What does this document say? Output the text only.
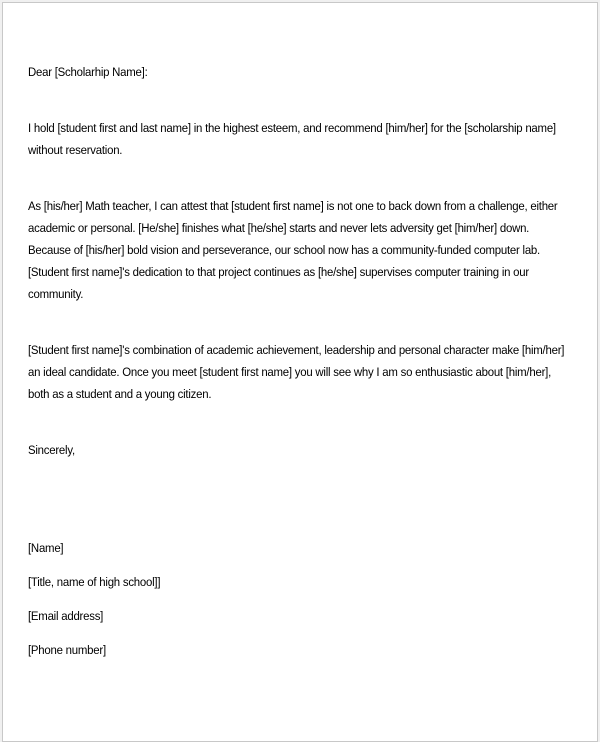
Dear [Scholarhip Name]:

I hold [student first and last name] in the highest esteem, and recommend [him/her] for the [scholarship name] without reservation.

As [his/her] Math teacher, I can attest that [student first name] is not one to back down from a challenge, either academic or personal. [He/she] finishes what [he/she] starts and never lets adversity get [him/her] down. Because of [his/her] bold vision and perseverance, our school now has a community-funded computer lab. [Student first name]'s dedication to that project continues as [he/she] supervises computer training in our community.

[Student first name]'s combination of academic achievement, leadership and personal character make [him/her] an ideal candidate. Once you meet [student first name] you will see why I am so enthusiastic about [him/her], both as a student and a young citizen.

Sincerely,

[Name]

[Title, name of high school]]

[Email address]

[Phone number]
